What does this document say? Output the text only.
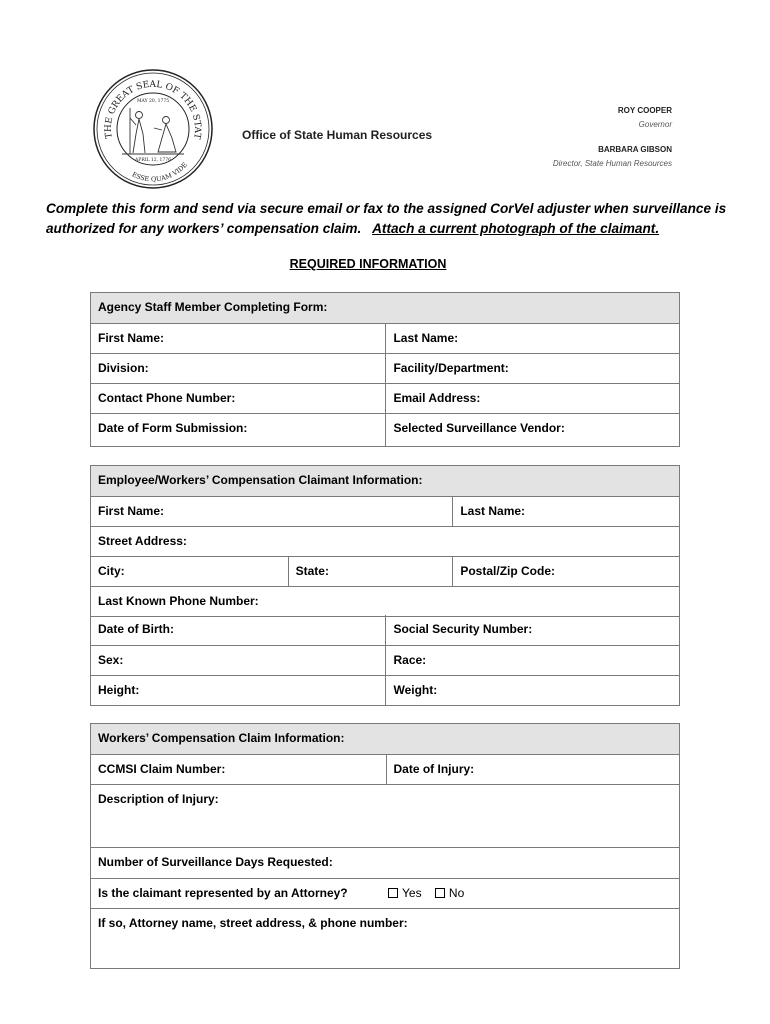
THE GREAT SEAL OF THE STAT
ESSE QUAM VIDE
MAY 20, 1775
APRIL 12, 1776
Office of State Human Resources
ROY COOPER
Governor
BARBARA GIBSON
Director, State Human Resources
Complete this form and send via secure email or fax to the assigned CorVel adjuster when surveillance is authorized for any workers’ compensation claim. Attach a current photograph of the claimant.
REQUIRED INFORMATION
Agency Staff Member Completing Form:	

First Name:	Last Name:

Division:	Facility/Department:

Contact Phone Number:	Email Address:

Date of Form Submission:	Selected Surveillance Vendor:
Employee/Workers’ Compensation Claimant Information:		

First Name:		Last Name:

Street Address:		

City:	State:	Postal/Zip Code:

Last Known Phone Number:		
Date of Birth:	Social Security Number:

Sex:	Race:

Height:	Weight:
Workers’ Compensation Claim Information:

CCMSI Claim Number:	Date of Injury:

Description of Injury:

Number of Surveillance Days Requested:

Is the claimant represented by an Attorney?	Yes No

If so, Attorney name, street address, & phone number:
